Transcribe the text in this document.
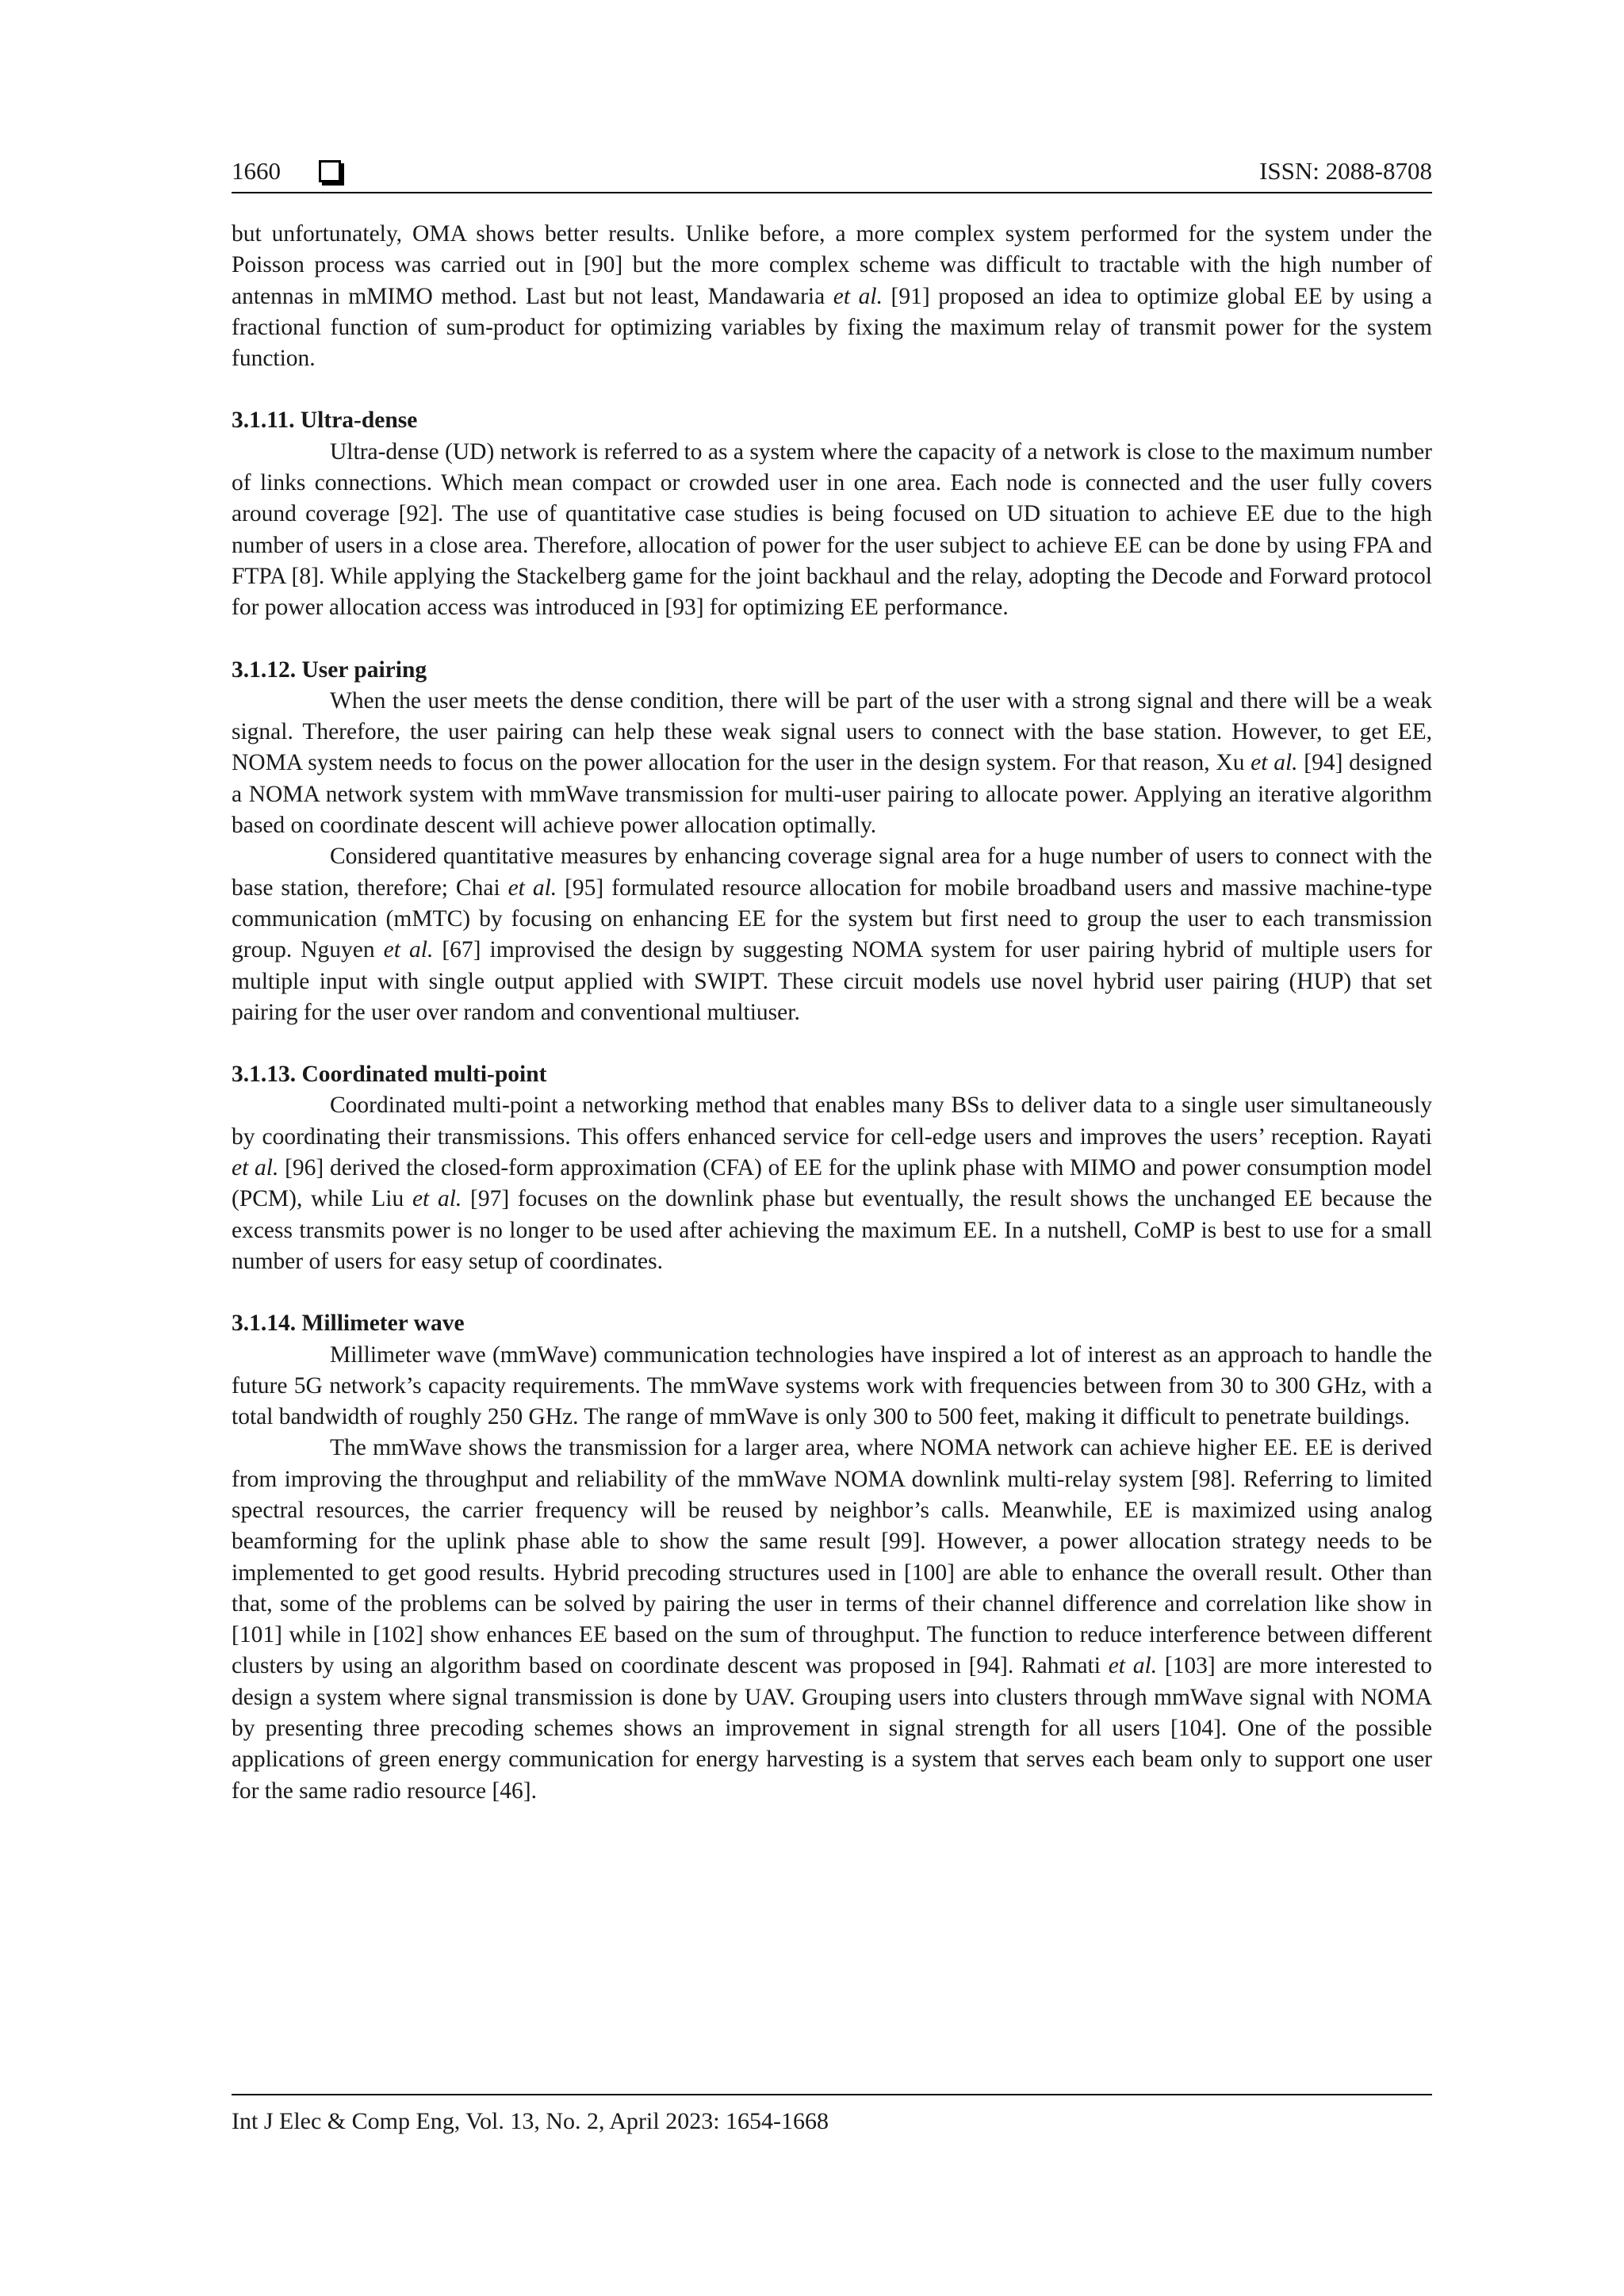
1660	ISSN: 2088-8708

but unfortunately, OMA shows better results. Unlike before, a more complex system performed for the system under the Poisson process was carried out in [90] but the more complex scheme was difficult to tractable with the high number of antennas in mMIMO method. Last but not least, Mandawaria et al. [91] proposed an idea to optimize global EE by using a fractional function of sum-product for optimizing variables by fixing the maximum relay of transmit power for the system function.

3.1.11. Ultra-dense

Ultra-dense (UD) network is referred to as a system where the capacity of a network is close to the maximum number of links connections. Which mean compact or crowded user in one area. Each node is connected and the user fully covers around coverage [92]. The use of quantitative case studies is being focused on UD situation to achieve EE due to the high number of users in a close area. Therefore, allocation of power for the user subject to achieve EE can be done by using FPA and FTPA [8]. While applying the Stackelberg game for the joint backhaul and the relay, adopting the Decode and Forward protocol for power allocation access was introduced in [93] for optimizing EE performance.

3.1.12. User pairing

When the user meets the dense condition, there will be part of the user with a strong signal and there will be a weak signal. Therefore, the user pairing can help these weak signal users to connect with the base station. However, to get EE, NOMA system needs to focus on the power allocation for the user in the design system. For that reason, Xu et al. [94] designed a NOMA network system with mmWave transmission for multi-user pairing to allocate power. Applying an iterative algorithm based on coordinate descent will achieve power allocation optimally.

Considered quantitative measures by enhancing coverage signal area for a huge number of users to connect with the base station, therefore; Chai et al. [95] formulated resource allocation for mobile broadband users and massive machine-type communication (mMTC) by focusing on enhancing EE for the system but first need to group the user to each transmission group. Nguyen et al. [67] improvised the design by suggesting NOMA system for user pairing hybrid of multiple users for multiple input with single output applied with SWIPT. These circuit models use novel hybrid user pairing (HUP) that set pairing for the user over random and conventional multiuser.

3.1.13. Coordinated multi-point

Coordinated multi-point a networking method that enables many BSs to deliver data to a single user simultaneously by coordinating their transmissions. This offers enhanced service for cell-edge users and improves the users’ reception. Rayati et al. [96] derived the closed-form approximation (CFA) of EE for the uplink phase with MIMO and power consumption model (PCM), while Liu et al. [97] focuses on the downlink phase but eventually, the result shows the unchanged EE because the excess transmits power is no longer to be used after achieving the maximum EE. In a nutshell, CoMP is best to use for a small number of users for easy setup of coordinates.

3.1.14. Millimeter wave

Millimeter wave (mmWave) communication technologies have inspired a lot of interest as an approach to handle the future 5G network’s capacity requirements. The mmWave systems work with frequencies between from 30 to 300 GHz, with a total bandwidth of roughly 250 GHz. The range of mmWave is only 300 to 500 feet, making it difficult to penetrate buildings.

The mmWave shows the transmission for a larger area, where NOMA network can achieve higher EE. EE is derived from improving the throughput and reliability of the mmWave NOMA downlink multi-relay system [98]. Referring to limited spectral resources, the carrier frequency will be reused by neighbor’s calls. Meanwhile, EE is maximized using analog beamforming for the uplink phase able to show the same result [99]. However, a power allocation strategy needs to be implemented to get good results. Hybrid precoding structures used in [100] are able to enhance the overall result. Other than that, some of the problems can be solved by pairing the user in terms of their channel difference and correlation like show in [101] while in [102] show enhances EE based on the sum of throughput. The function to reduce interference between different clusters by using an algorithm based on coordinate descent was proposed in [94]. Rahmati et al. [103] are more interested to design a system where signal transmission is done by UAV. Grouping users into clusters through mmWave signal with NOMA by presenting three precoding schemes shows an improvement in signal strength for all users [104]. One of the possible applications of green energy communication for energy harvesting is a system that serves each beam only to support one user for the same radio resource [46].

Int J Elec & Comp Eng, Vol. 13, No. 2, April 2023: 1654-1668
